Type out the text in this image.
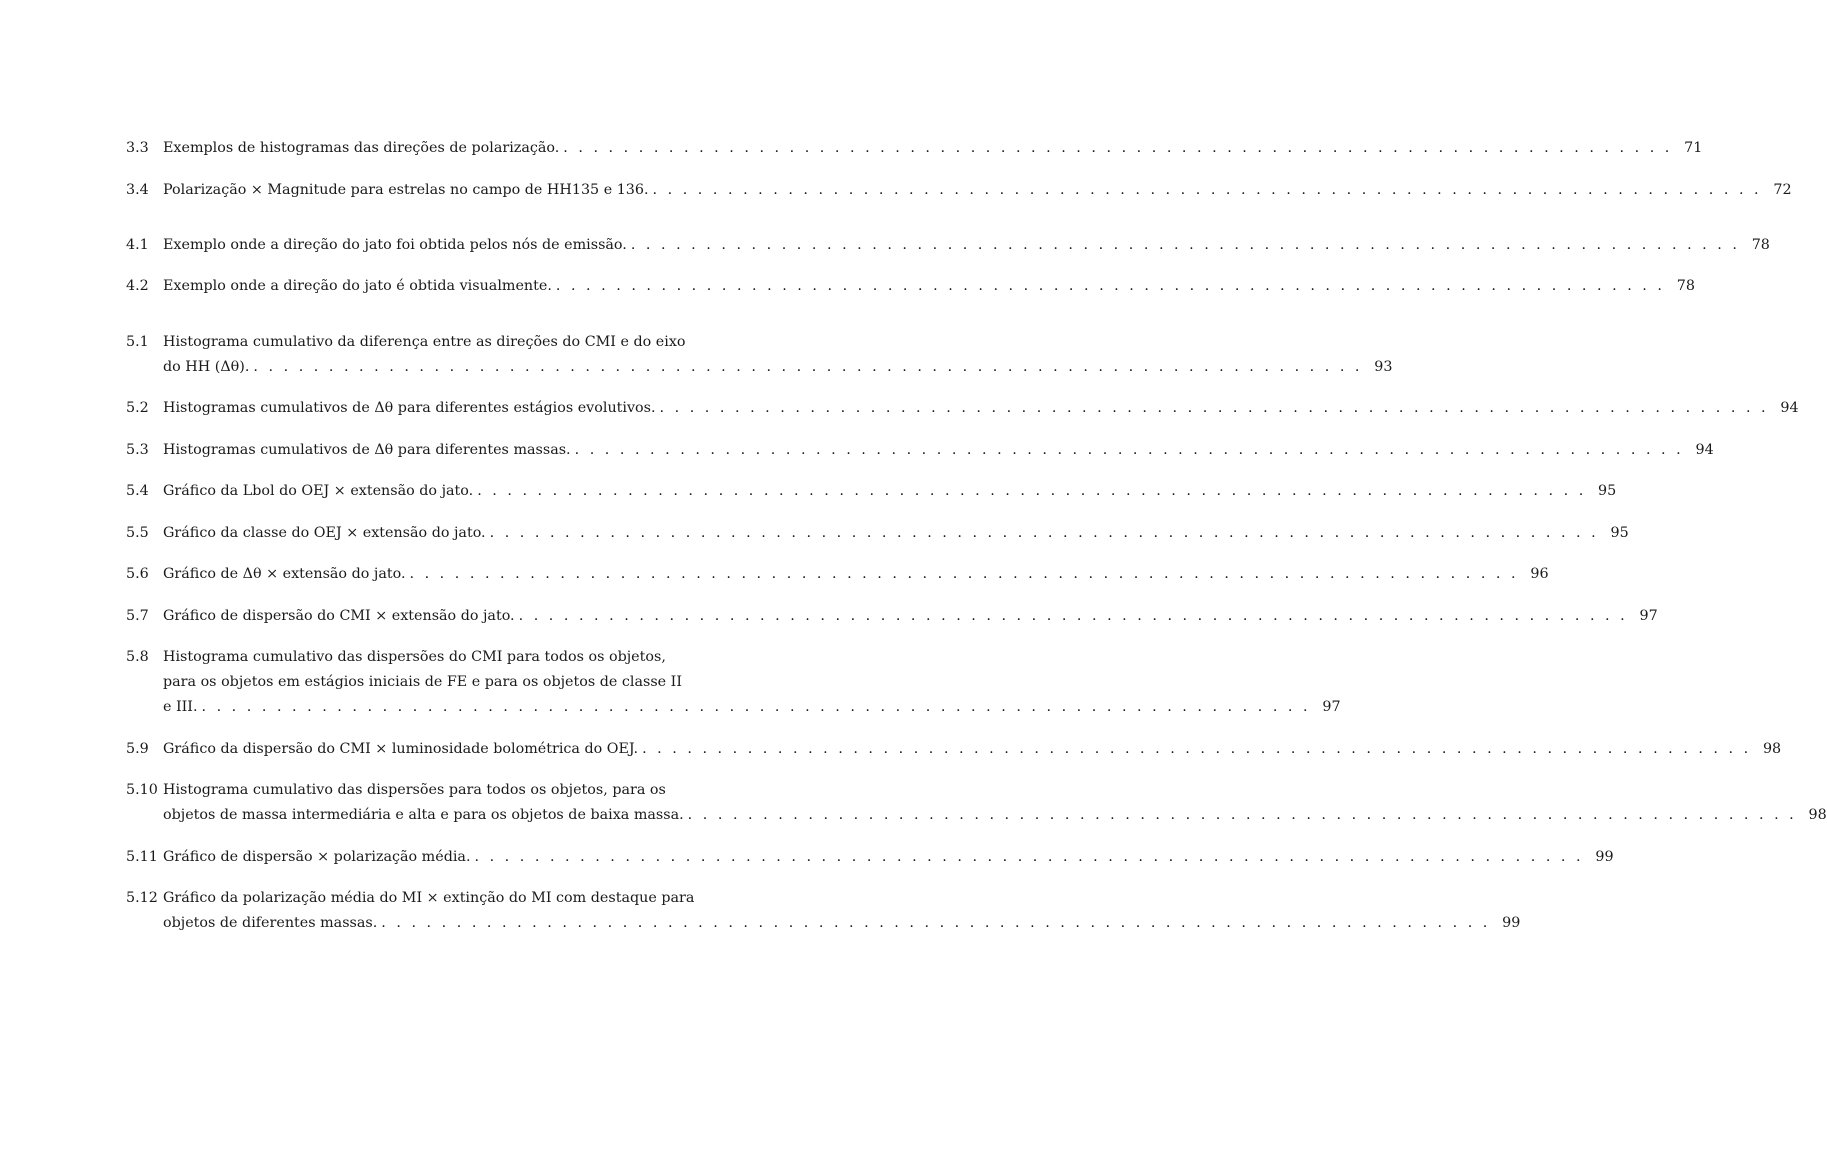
3.3 Exemplos de histogramas das direções de polarização. . . .	71
3.4 Polarização × Magnitude para estrelas no campo de HH135 e 136. . . .	72
4.1 Exemplo onde a direção do jato foi obtida pelos nós de emissão. . . .	78
4.2 Exemplo onde a direção do jato é obtida visualmente. . . .	78
5.1 Histograma cumulativo da diferença entre as direções do CMI e do eixo
do HH (Δθ). . . .	93
5.2 Histogramas cumulativos de Δθ para diferentes estágios evolutivos. . . .	94
5.3 Histogramas cumulativos de Δθ para diferentes massas. . . .	94
5.4 Gráfico da Lbol do OEJ × extensão do jato. . . .	95
5.5 Gráfico da classe do OEJ × extensão do jato. . . .	95
5.6 Gráfico de Δθ × extensão do jato. . . .	96
5.7 Gráfico de dispersão do CMI × extensão do jato. . . .	97
5.8 Histograma cumulativo das dispersões do CMI para todos os objetos,
para os objetos em estágios iniciais de FE e para os objetos de classe II
e III. . . .	97
5.9 Gráfico da dispersão do CMI × luminosidade bolométrica do OEJ. . . .	98
5.10 Histograma cumulativo das dispersões para todos os objetos, para os
objetos de massa intermediária e alta e para os objetos de baixa massa. . . .	98
5.11 Gráfico de dispersão × polarização média. . . .	99
5.12 Gráfico da polarização média do MI × extinção do MI com destaque para
objetos de diferentes massas. . . .	99
